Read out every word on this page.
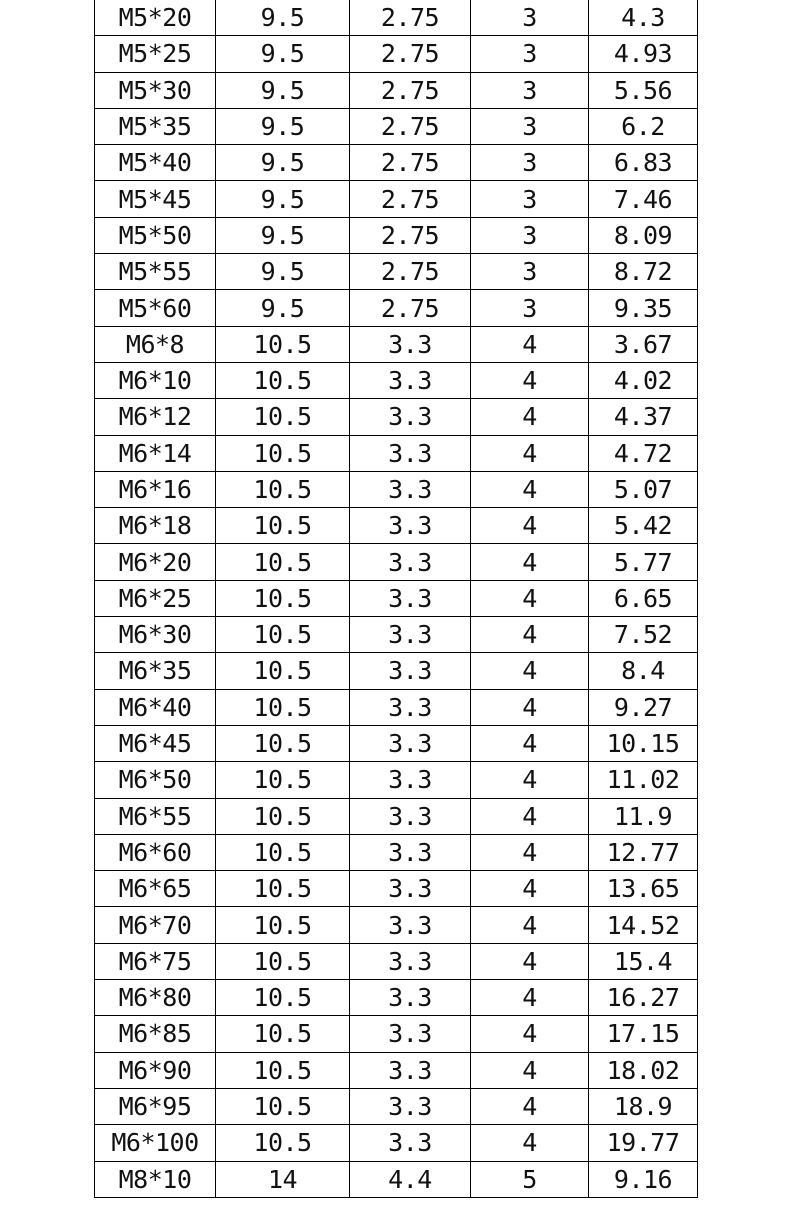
M5*20	9.5	2.75	3	4.3
M5*25	9.5	2.75	3	4.93
M5*30	9.5	2.75	3	5.56
M5*35	9.5	2.75	3	6.2
M5*40	9.5	2.75	3	6.83
M5*45	9.5	2.75	3	7.46
M5*50	9.5	2.75	3	8.09
M5*55	9.5	2.75	3	8.72
M5*60	9.5	2.75	3	9.35
M6*8	10.5	3.3	4	3.67
M6*10	10.5	3.3	4	4.02
M6*12	10.5	3.3	4	4.37
M6*14	10.5	3.3	4	4.72
M6*16	10.5	3.3	4	5.07
M6*18	10.5	3.3	4	5.42
M6*20	10.5	3.3	4	5.77
M6*25	10.5	3.3	4	6.65
M6*30	10.5	3.3	4	7.52
M6*35	10.5	3.3	4	8.4
M6*40	10.5	3.3	4	9.27
M6*45	10.5	3.3	4	10.15
M6*50	10.5	3.3	4	11.02
M6*55	10.5	3.3	4	11.9
M6*60	10.5	3.3	4	12.77
M6*65	10.5	3.3	4	13.65
M6*70	10.5	3.3	4	14.52
M6*75	10.5	3.3	4	15.4
M6*80	10.5	3.3	4	16.27
M6*85	10.5	3.3	4	17.15
M6*90	10.5	3.3	4	18.02
M6*95	10.5	3.3	4	18.9
M6*100	10.5	3.3	4	19.77
M8*10	14	4.4	5	9.16
